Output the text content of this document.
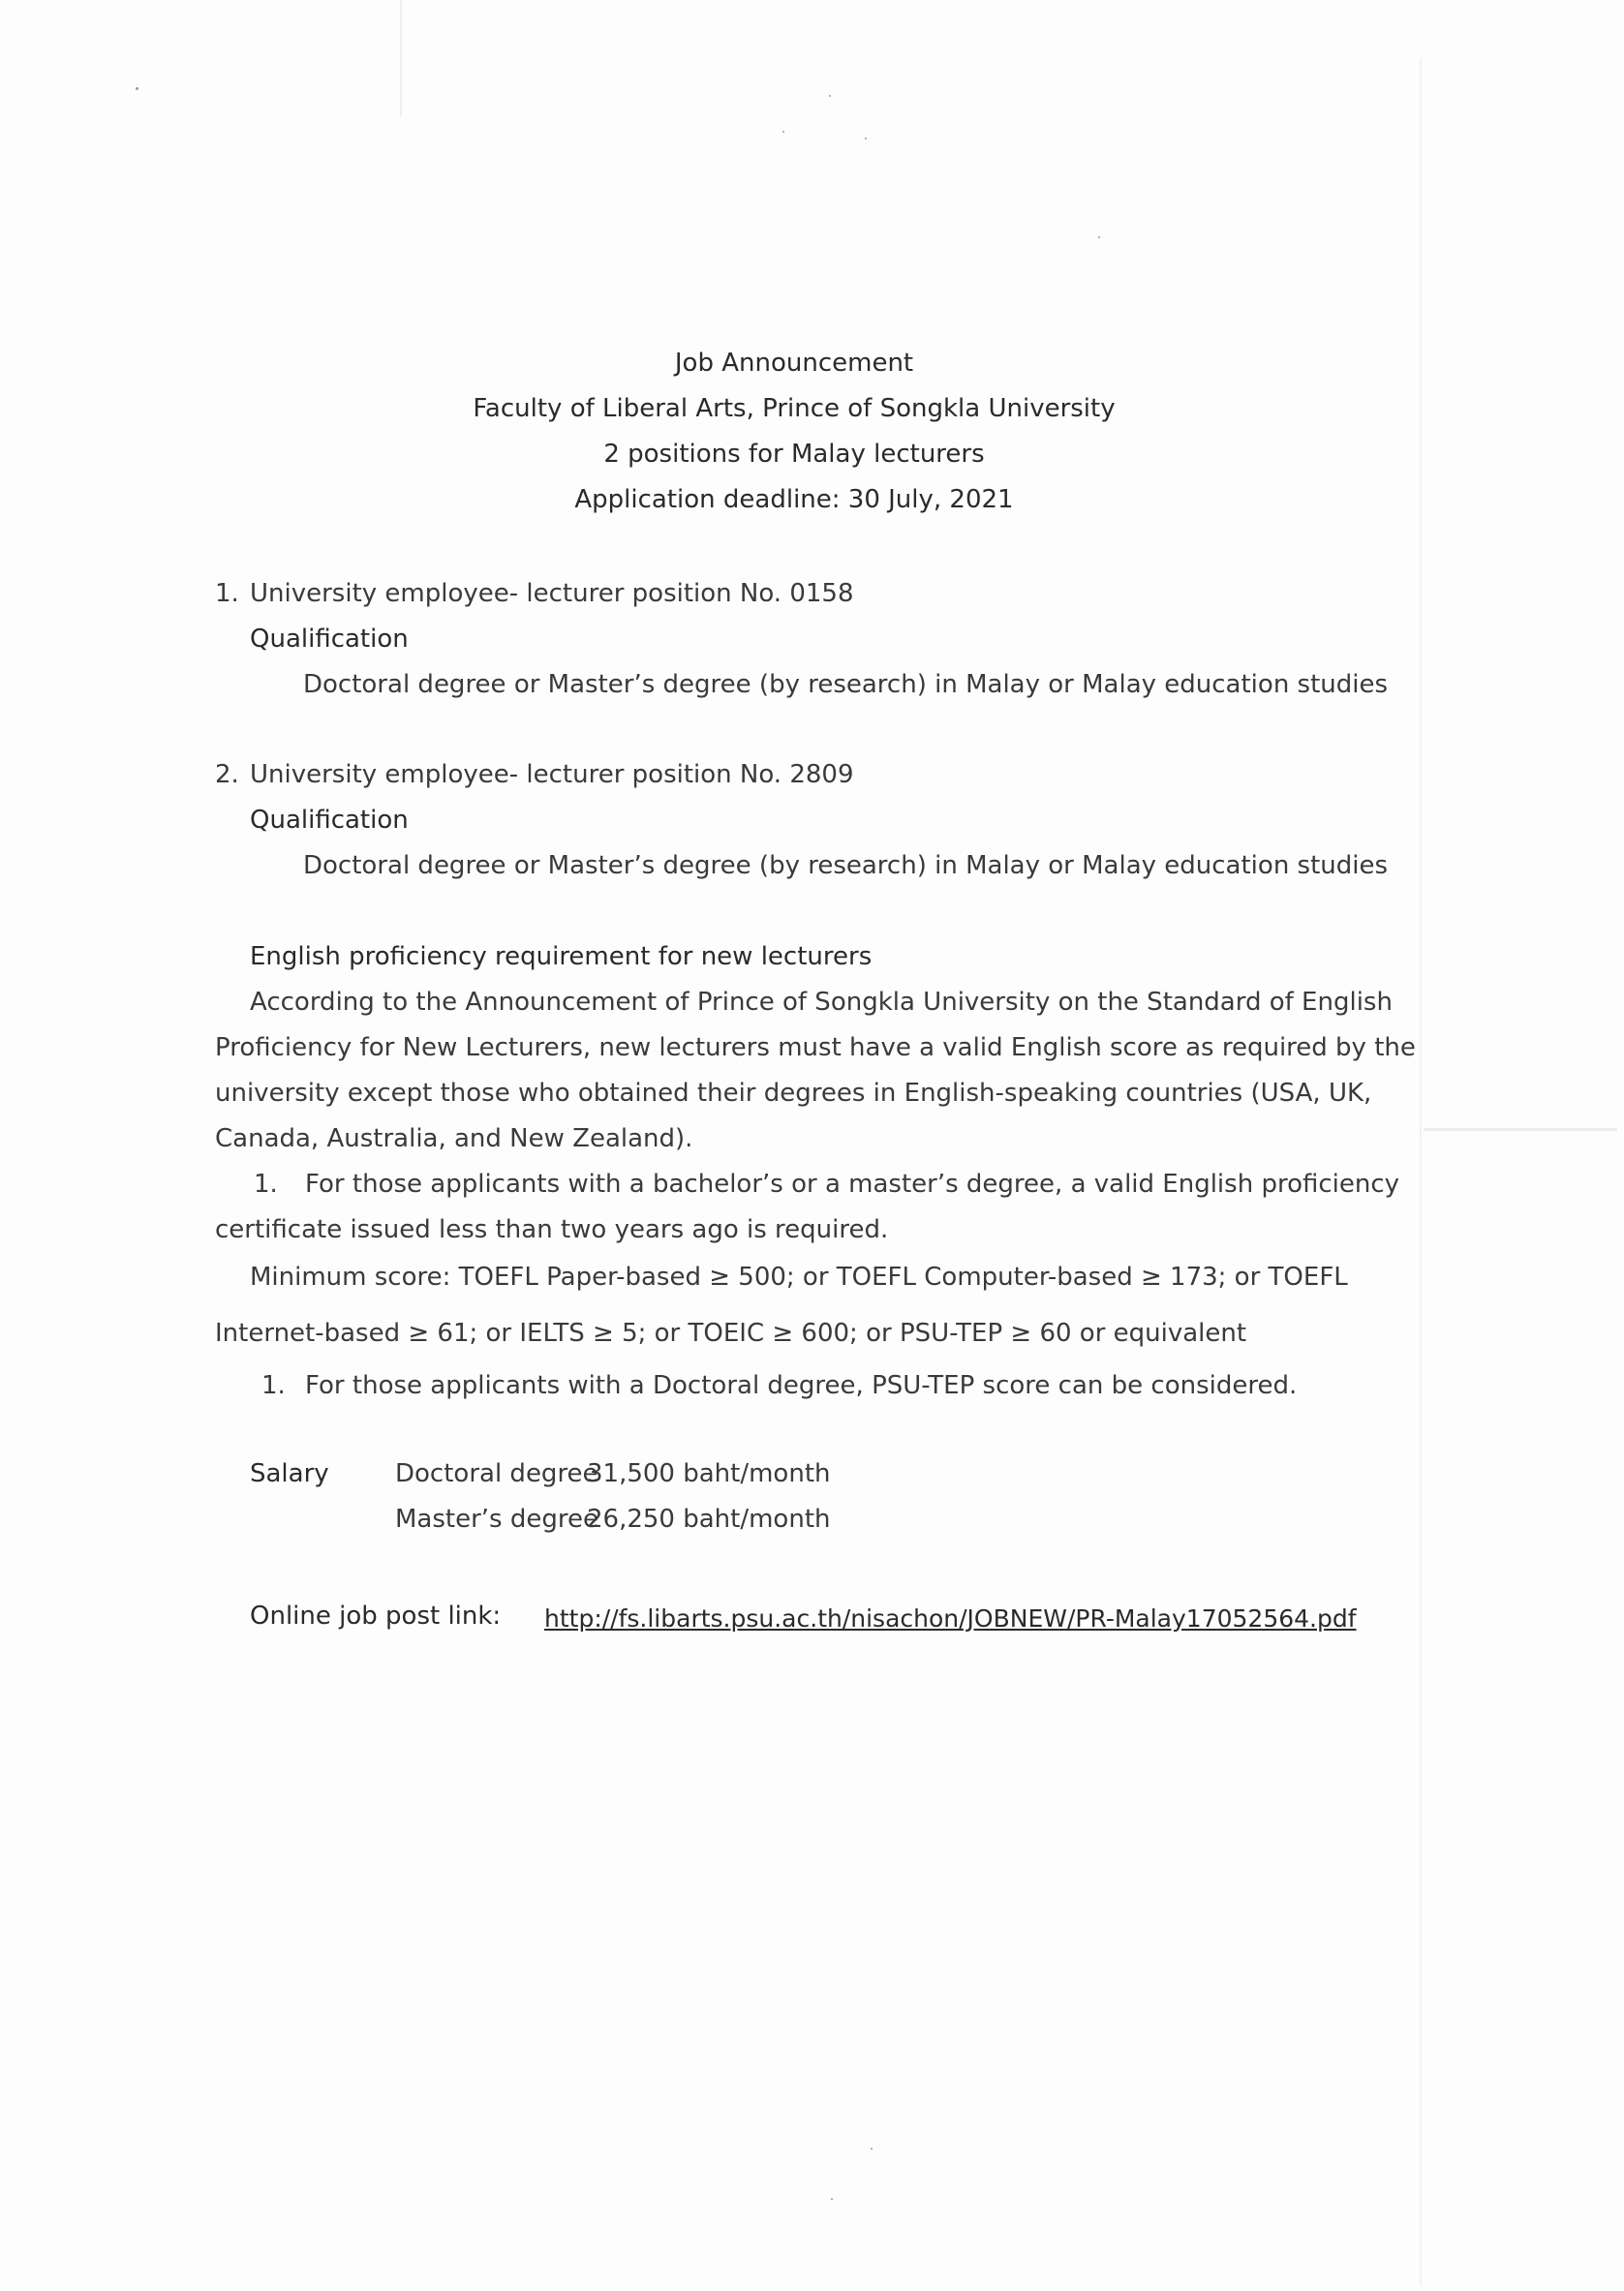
Job Announcement
Faculty of Liberal Arts, Prince of Songkla University
2 positions for Malay lecturers
Application deadline: 30 July, 2021
1. University employee- lecturer position No. 0158
Qualification
Doctoral degree or Master’s degree (by research) in Malay or Malay education studies
2. University employee- lecturer position No. 2809
Qualification
Doctoral degree or Master’s degree (by research) in Malay or Malay education studies
English proficiency requirement for new lecturers
According to the Announcement of Prince of Songkla University on the Standard of English
Proficiency for New Lecturers, new lecturers must have a valid English score as required by the
university except those who obtained their degrees in English-speaking countries (USA, UK,
Canada, Australia, and New Zealand).
1. For those applicants with a bachelor’s or a master’s degree, a valid English proficiency
certificate issued less than two years ago is required.
Minimum score: TOEFL Paper-based ≥ 500; or TOEFL Computer-based ≥ 173; or TOEFL
Internet-based ≥ 61; or IELTS ≥ 5; or TOEIC ≥ 600; or PSU-TEP ≥ 60 or equivalent
1. For those applicants with a Doctoral degree, PSU-TEP score can be considered.
Salary	Doctoral degree
31,500 baht/month
Master’s degree
26,250 baht/month
Online job post link: http://fs.libarts.psu.ac.th/nisachon/JOBNEW/PR-Malay17052564.pdf
